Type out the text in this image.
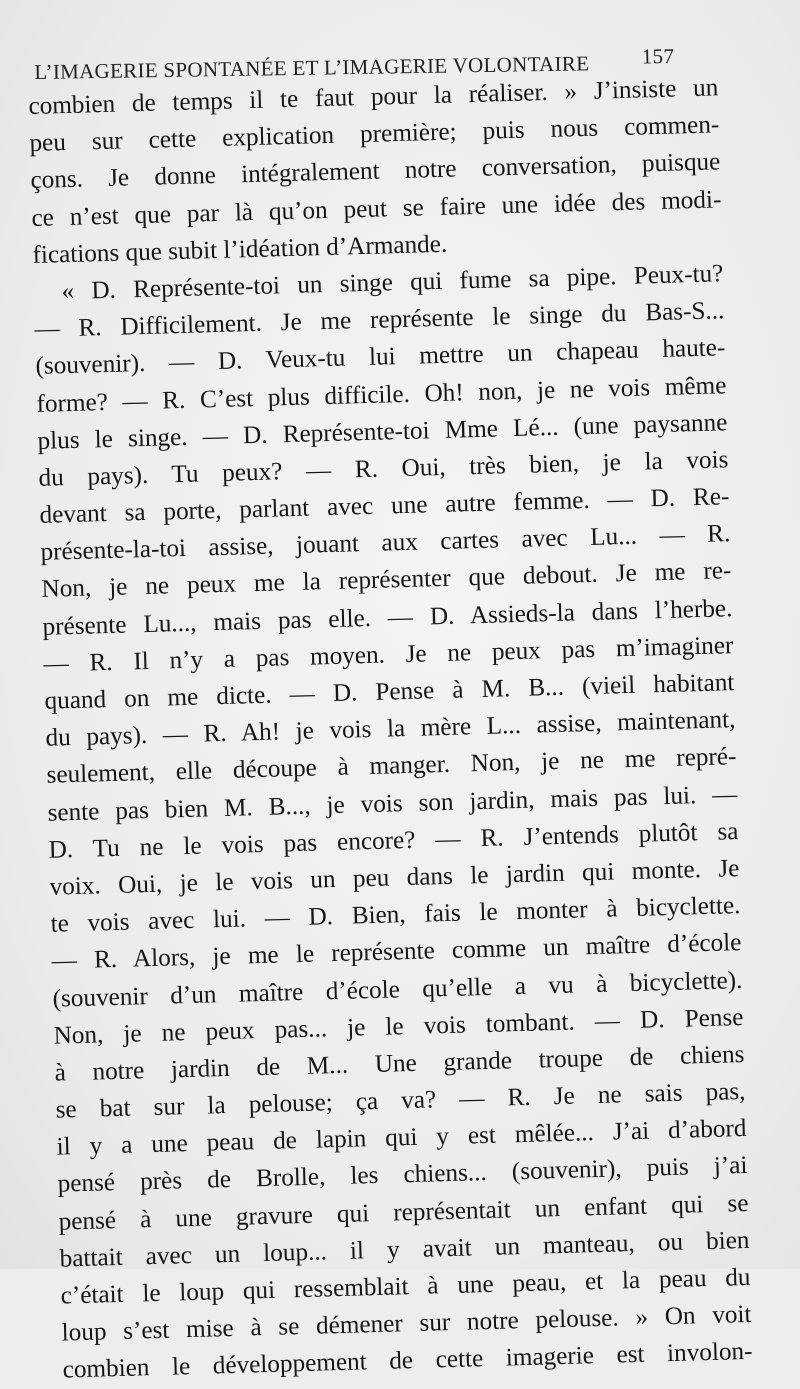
L’IMAGERIE SPONTANÉE ET L’IMAGERIE VOLONTAIRE 157
combien de temps il te faut pour la réaliser. » J’insiste un
peu sur cette explication première; puis nous commen-
çons. Je donne intégralement notre conversation, puisque
ce n’est que par là qu’on peut se faire une idée des modi-
fications que subit l’idéation d’Armande.
« D. Représente-toi un singe qui fume sa pipe. Peux-tu?
— R. Difficilement. Je me représente le singe du Bas-S...
(souvenir). — D. Veux-tu lui mettre un chapeau haute-
forme? — R. C’est plus difficile. Oh! non, je ne vois même
plus le singe. — D. Représente-toi Mme Lé... (une paysanne
du pays). Tu peux? — R. Oui, très bien, je la vois
devant sa porte, parlant avec une autre femme. — D. Re-
présente-la-toi assise, jouant aux cartes avec Lu... — R.
Non, je ne peux me la représenter que debout. Je me re-
présente Lu..., mais pas elle. — D. Assieds-la dans l’herbe.
— R. Il n’y a pas moyen. Je ne peux pas m’imaginer
quand on me dicte. — D. Pense à M. B... (vieil habitant
du pays). — R. Ah! je vois la mère L... assise, maintenant,
seulement, elle découpe à manger. Non, je ne me repré-
sente pas bien M. B..., je vois son jardin, mais pas lui. —
D. Tu ne le vois pas encore? — R. J’entends plutôt sa
voix. Oui, je le vois un peu dans le jardin qui monte. Je
te vois avec lui. — D. Bien, fais le monter à bicyclette.
— R. Alors, je me le représente comme un maître d’école
(souvenir d’un maître d’école qu’elle a vu à bicyclette).
Non, je ne peux pas... je le vois tombant. — D. Pense
à notre jardin de M... Une grande troupe de chiens
se bat sur la pelouse; ça va? — R. Je ne sais pas,
il y a une peau de lapin qui y est mêlée... J’ai d’abord
pensé près de Brolle, les chiens... (souvenir), puis j’ai
pensé à une gravure qui représentait un enfant qui se
battait avec un loup... il y avait un manteau, ou bien
c’était le loup qui ressemblait à une peau, et la peau du
loup s’est mise à se démener sur notre pelouse. » On voit
combien le développement de cette imagerie est involon-
